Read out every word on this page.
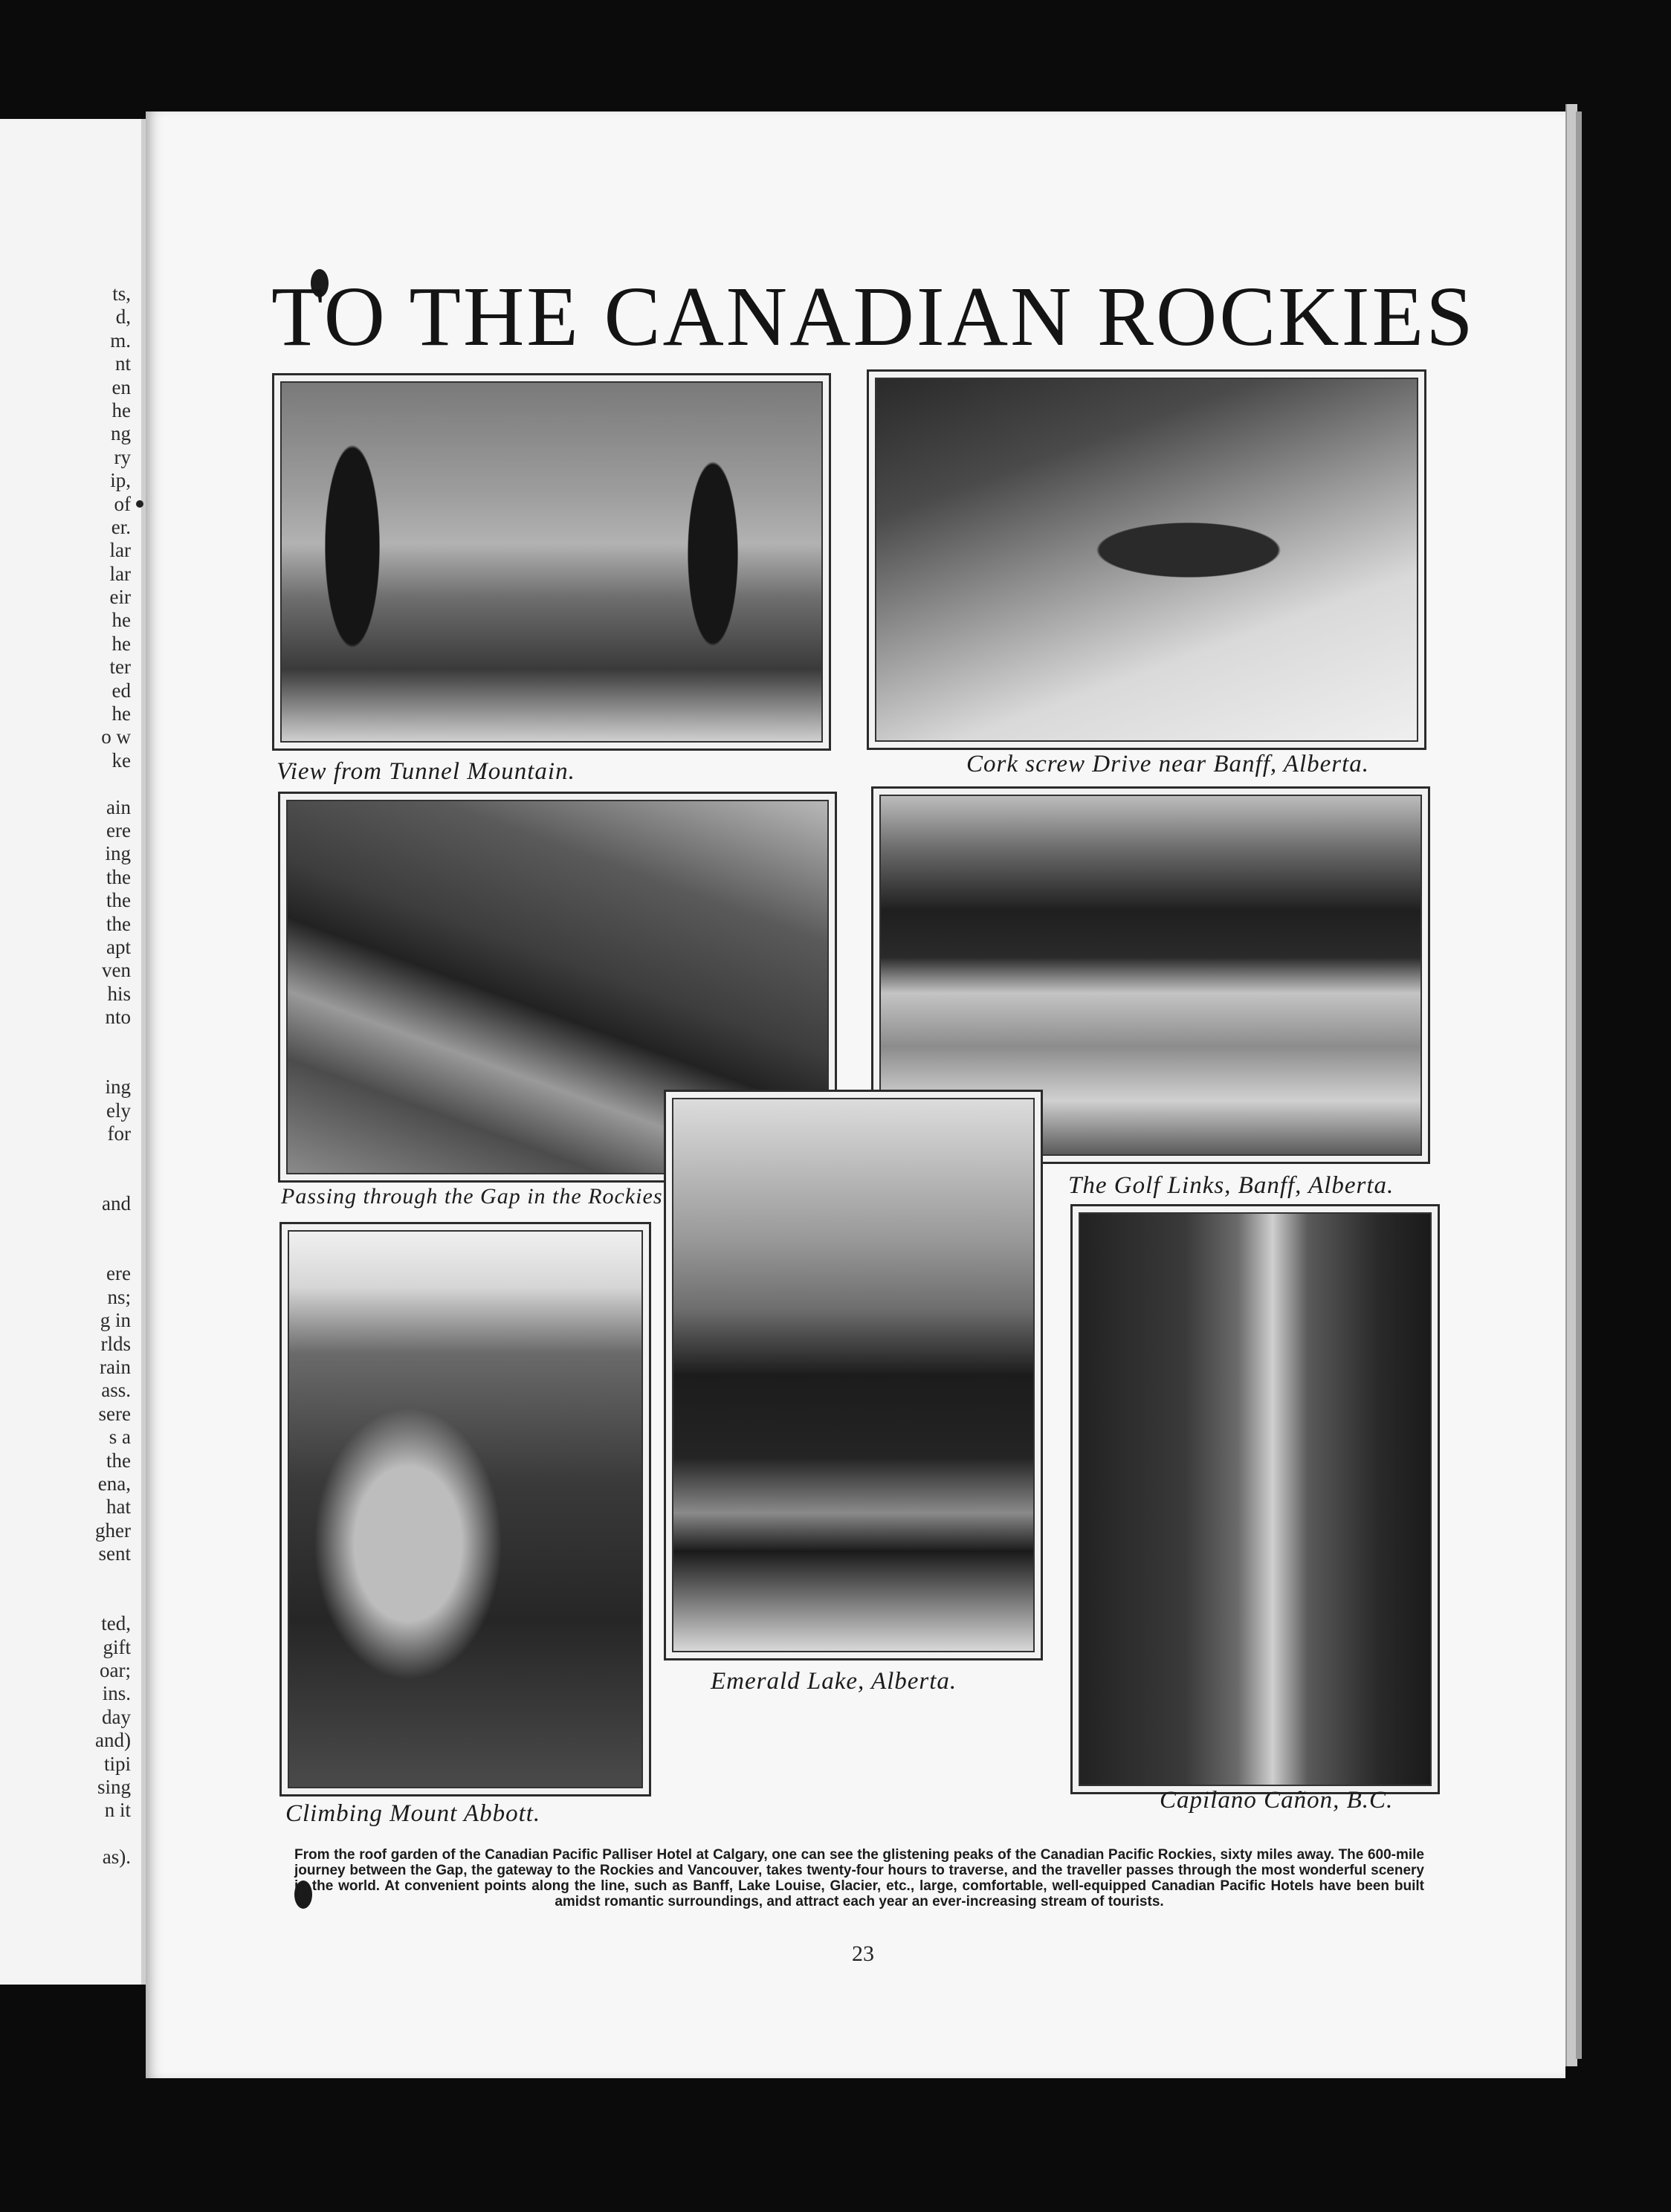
ts,
d,
m.
nt
en
he
ng
ry
ip,
of
er.
lar
lar
eir
he
he
ter
ed
he
o w
ke
ain
ere
ing
the
the
the
apt
ven
his
nto
ing
ely
for
and
ere
ns;
g in
rlds
rain
ass.
sere
s a
the
ena,
hat
gher
sent
ted,
gift
oar;
ins.
day
and)
tipi
sing
n it
as).
TO THE CANADIAN ROCKIES
View from Tunnel Mountain.	Cork screw Drive near Banff, Alberta.
Passing through the Gap in the Rockies	The Golf Links, Banff, Alberta.
Emerald Lake, Alberta.
Climbing Mount Abbott.	Capilano Cañon, B.C.
From the roof garden of the Canadian Pacific Palliser Hotel at Calgary, one can see the glistening peaks of the Canadian Pacific Rockies, sixty miles away. The 600-mile journey between the Gap, the gateway to the Rockies and Vancouver, takes twenty-four hours to traverse, and the traveller passes through the most wonderful scenery in the world. At convenient points along the line, such as Banff, Lake Louise, Glacier, etc., large, comfortable, well-equipped Canadian Pacific Hotels have been built amidst romantic surroundings, and attract each year an ever-increasing stream of tourists.
23
